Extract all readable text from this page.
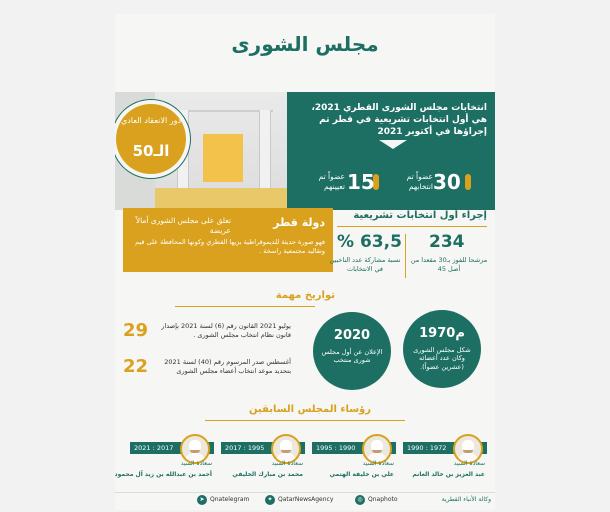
مجلس الشورى
انتخابات مجلس الشورى القطري 2021، هي أول انتخابات تشريعية في قطر تم إجراؤها في أكتوبر 2021
30
عضواً تم انتخابهم
15
عضواً تم تعيينهم
دور الانعقاد العادي
الـ50
دولة قطر
تعلق على مجلس الشورى أمالاً عريضة
فهو صورة حديثة للديموقراطية بزيها القطري وكونها المحافظة على قيم وتقاليد مجتمعية راسخة .
إجراء أول انتخابات تشريعية
234
مرشحا للفوز بـ30 مقعدا من أصل 45
63,5 %
نسبة مشاركة عدد الناخبين في الانتخابات
تواريخ مهمة
29	يوليو 2021 القانون رقم (6) لسنة 2021 بإصدار قانون نظام انتخاب مجلس الشورى .
22	أغسطس صدر المرسوم رقم (40) لسنة 2021 بتحديد موعد انتخاب أعضاء مجلس الشورى
1970م
شكل مجلس الشورى وكان عدد أعضائه (عشرين عضواً).
2020
الإعلان عن أول مجلس شورى منتخب
رؤساء المجلس السابقين
1972 : 1990
سعادة السيد
عبد العزيز بن خالد الغانم
1990 : 1995
سعادة السيد
علي بن خليفة الهتمي
1995 : 2017
سعادة السيد
محمد بن مبارك الخليفي
2017 : 2021
سعادة السيد
أحمد بن عبدالله بن زيد آل محمود
وكالة الأنباء القطرية
◎ Qnaphoto
✦ QatarNewsAgency
➤ Qnatelegram
